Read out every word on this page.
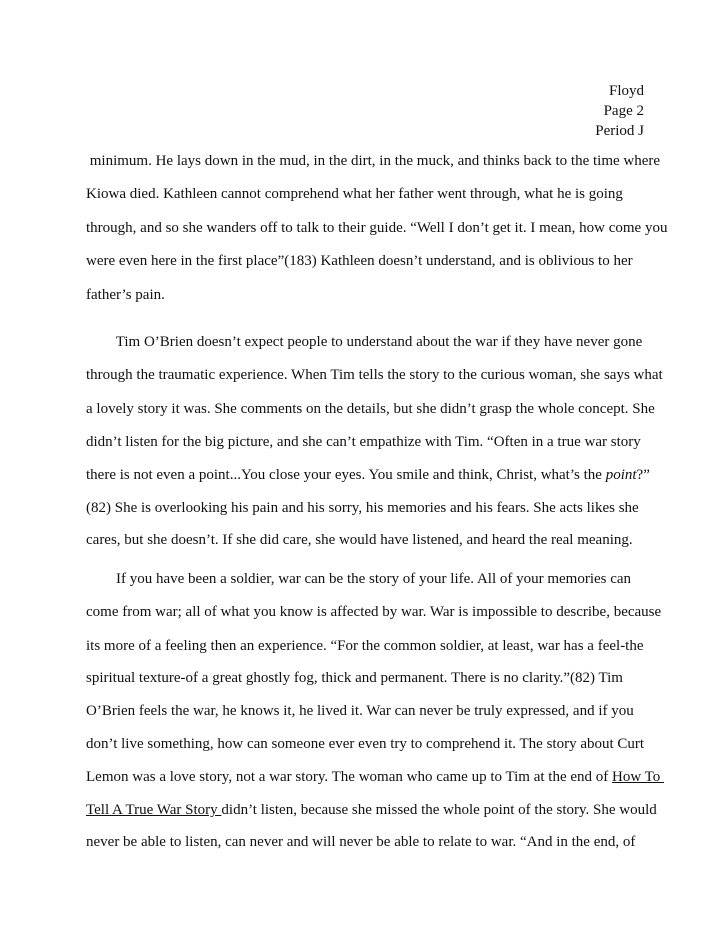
Floyd
Page 2
Period J
minimum. He lays down in the mud, in the dirt, in the muck, and thinks back to the time where
Kiowa died. Kathleen cannot comprehend what her father went through, what he is going
through, and so she wanders off to talk to their guide. “Well I don’t get it. I mean, how come you
were even here in the first place”(183) Kathleen doesn’t understand, and is oblivious to her
father’s pain.
Tim O’Brien doesn’t expect people to understand about the war if they have never gone
through the traumatic experience. When Tim tells the story to the curious woman, she says what
a lovely story it was. She comments on the details, but she didn’t grasp the whole concept. She
didn’t listen for the big picture, and she can’t empathize with Tim. “Often in a true war story
there is not even a point...You close your eyes. You smile and think, Christ, what’s the point?”
(82) She is overlooking his pain and his sorry, his memories and his fears. She acts likes she
cares, but she doesn’t. If she did care, she would have listened, and heard the real meaning.
If you have been a soldier, war can be the story of your life. All of your memories can
come from war; all of what you know is affected by war. War is impossible to describe, because
its more of a feeling then an experience. “For the common soldier, at least, war has a feel-the
spiritual texture-of a great ghostly fog, thick and permanent. There is no clarity.”(82) Tim
O’Brien feels the war, he knows it, he lived it. War can never be truly expressed, and if you
don’t live something, how can someone ever even try to comprehend it. The story about Curt
Lemon was a love story, not a war story. The woman who came up to Tim at the end of How To
Tell A True War Story didn’t listen, because she missed the whole point of the story. She would
never be able to listen, can never and will never be able to relate to war. “And in the end, of
